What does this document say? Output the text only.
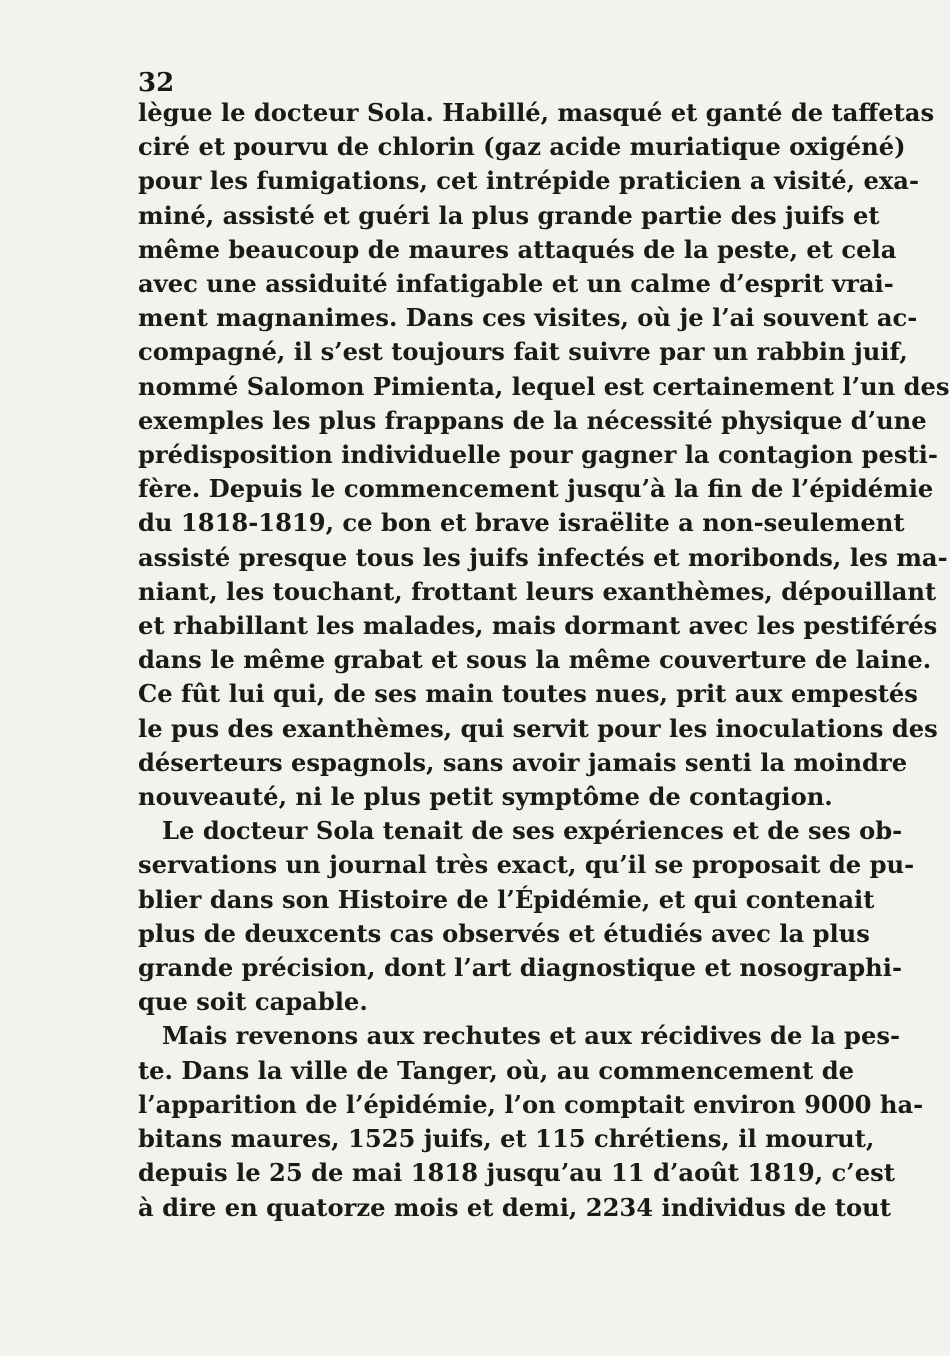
32
lègue le docteur Sola. Habillé, masqué et ganté de taffetas
ciré et pourvu de chlorin (gaz acide muriatique oxigéné)
pour les fumigations, cet intrépide praticien a visité, exa-
miné, assisté et guéri la plus grande partie des juifs et
même beaucoup de maures attaqués de la peste, et cela
avec une assiduité infatigable et un calme d’esprit vrai-
ment magnanimes. Dans ces visites, où je l’ai souvent ac-
compagné, il s’est toujours fait suivre par un rabbin juif,
nommé Salomon Pimienta, lequel est certainement l’un des
exemples les plus frappans de la nécessité physique d’une
prédisposition individuelle pour gagner la contagion pesti-
fère. Depuis le commencement jusqu’à la fin de l’épidémie
du 1818-1819, ce bon et brave israëlite a non-seulement
assisté presque tous les juifs infectés et moribonds, les ma-
niant, les touchant, frottant leurs exanthèmes, dépouillant
et rhabillant les malades, mais dormant avec les pestiférés
dans le même grabat et sous la même couverture de laine.
Ce fût lui qui, de ses main toutes nues, prit aux empestés
le pus des exanthèmes, qui servit pour les inoculations des
déserteurs espagnols, sans avoir jamais senti la moindre
nouveauté, ni le plus petit symptôme de contagion.
Le docteur Sola tenait de ses expériences et de ses ob-
servations un journal très exact, qu’il se proposait de pu-
blier dans son Histoire de l’Épidémie, et qui contenait
plus de deuxcents cas observés et étudiés avec la plus
grande précision, dont l’art diagnostique et nosographi-
que soit capable.
Mais revenons aux rechutes et aux récidives de la pes-
te. Dans la ville de Tanger, où, au commencement de
l’apparition de l’épidémie, l’on comptait environ 9000 ha-
bitans maures, 1525 juifs, et 115 chrétiens, il mourut,
depuis le 25 de mai 1818 jusqu’au 11 d’août 1819, c’est
à dire en quatorze mois et demi, 2234 individus de tout
